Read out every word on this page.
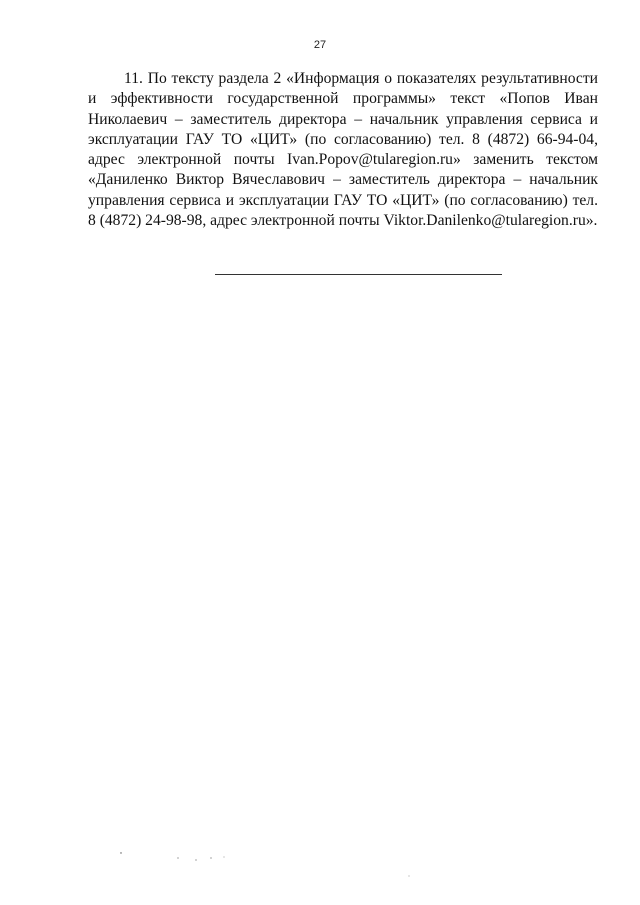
27

11. По тексту раздела 2 «Информация о показателях результативности и эффективности государственной программы» текст «Попов Иван Николаевич – заместитель директора – начальник управления сервиса и эксплуатации ГАУ ТО «ЦИТ» (по согласованию) тел. 8 (4872) 66-94-04, адрес электронной почты Ivan.Popov@tularegion.ru» заменить текстом «Даниленко Виктор Вячеславович – заместитель директора – начальник управления сервиса и эксплуатации ГАУ ТО «ЦИТ» (по согласованию) тел. 8 (4872) 24-98-98, адрес электронной почты Viktor.Danilenko@tularegion.ru».
